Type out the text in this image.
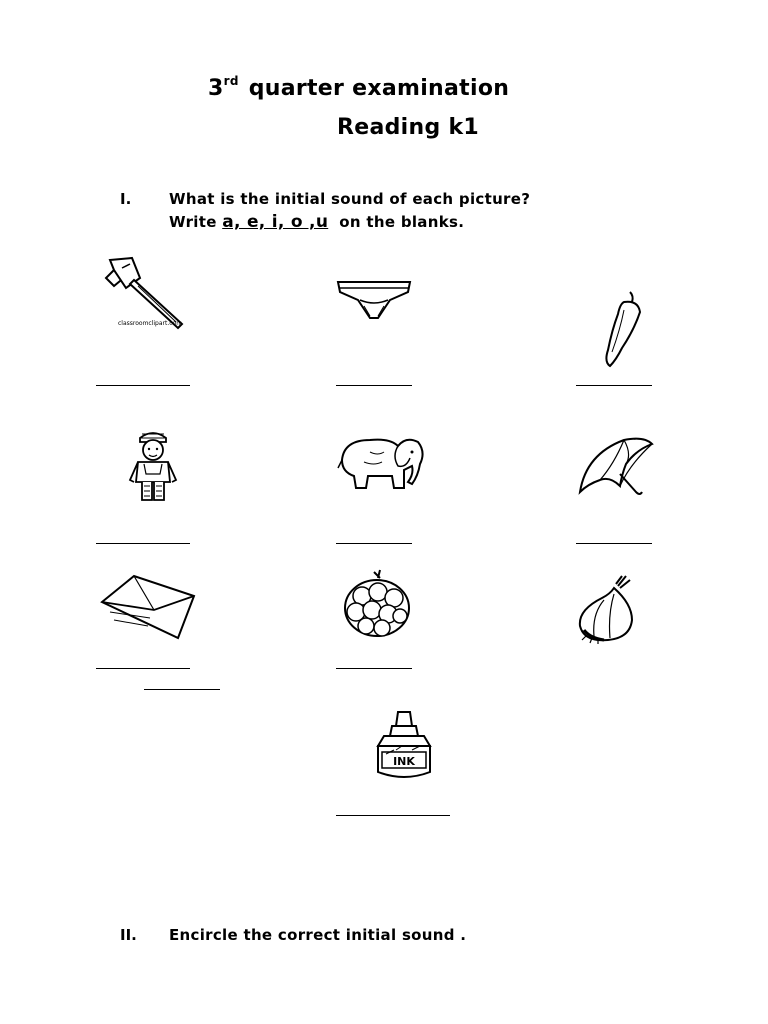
3rd quarter examination
Reading k1
I.	What is the initial sound of each picture?
Write a, e, i, o ,u on the blanks.
classroomclipart.com
INK
II. Encircle the correct initial sound .
